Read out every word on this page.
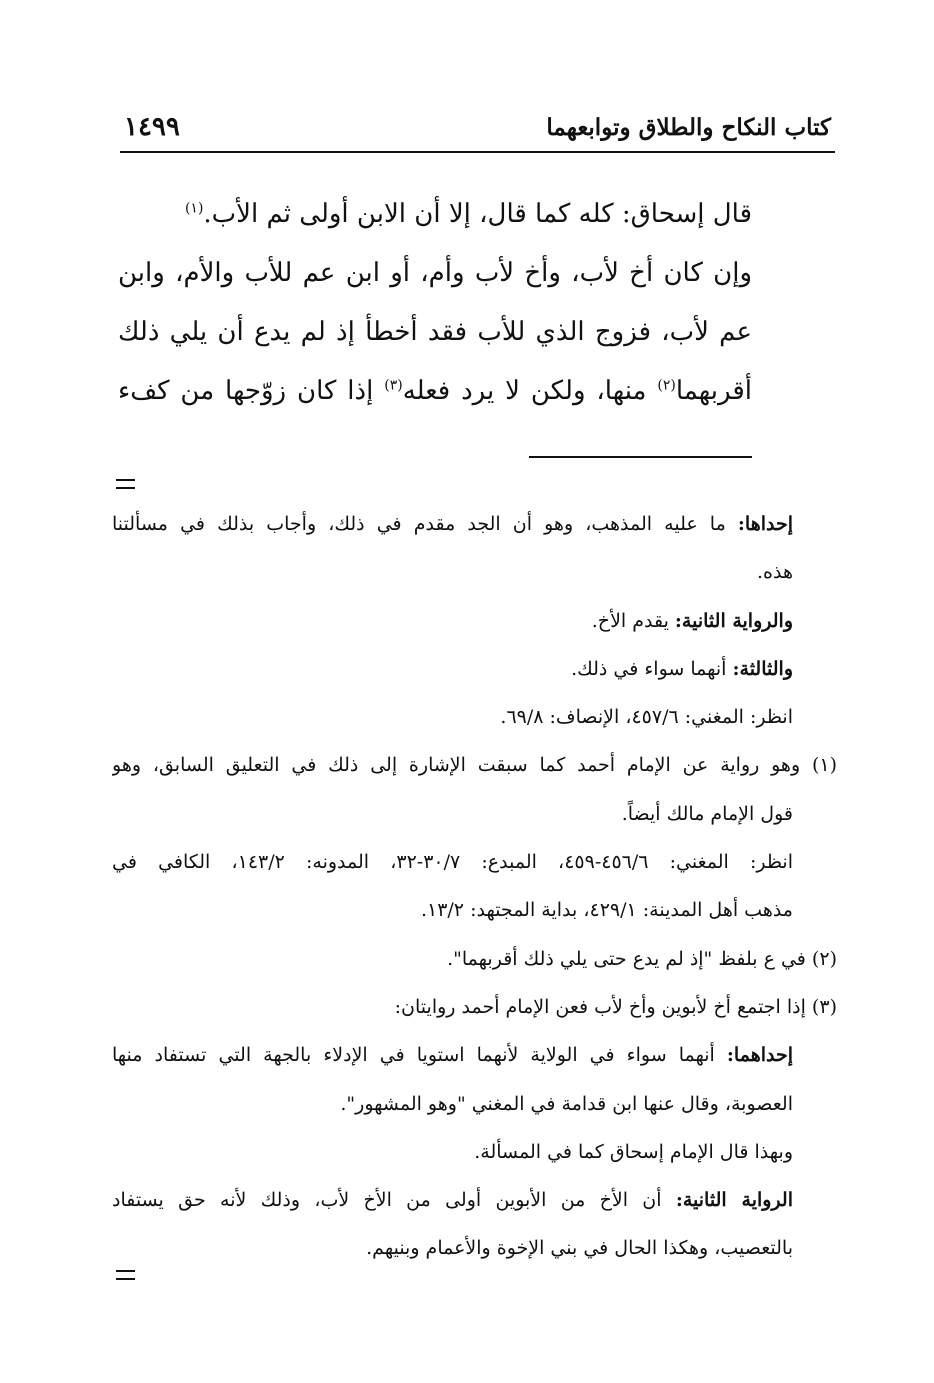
١٤٩٩	كتاب النكاح والطلاق وتوابعهما

قال إسحاق: كله كما قال، إلا أن الابن أولى ثم الأب.$^{(١)}$

وإن كان أخ لأب، وأخ لأب وأم، أو ابن عم للأب والأم، وابن

عم لأب، فزوج الذي للأب فقد أخطأ إذ لم يدع أن يلي ذلك

أقربهما$^{(٢)}$ منها، ولكن لا يرد فعله$^{(٣)}$ إذا كان زوّجها من كفء

إحداها: ما عليه المذهب، وهو أن الجد مقدم في ذلك، وأجاب بذلك في مسألتنا
هذه.
والرواية الثانية: يقدم الأخ.
والثالثة: أنهما سواء في ذلك.
انظر: المغني: ٤٥٧/٦، الإنصاف: ٦٩/٨.
(١) وهو رواية عن الإمام أحمد كما سبقت الإشارة إلى ذلك في التعليق السابق، وهو
قول الإمام مالك أيضاً.
انظر: المغني: ٤٥٦/٦-٤٥٩، المبدع: ٣٠/٧-٣٢، المدونه: ١٤٣/٢، الكافي في
مذهب أهل المدينة: ٤٢٩/١، بداية المجتهد: ١٣/٢.
(٢) في ع بلفظ "إذ لم يدع حتى يلي ذلك أقربهما".
(٣) إذا اجتمع أخ لأبوين وأخ لأب فعن الإمام أحمد روايتان:
إحداهما: أنهما سواء في الولاية لأنهما استويا في الإدلاء بالجهة التي تستفاد منها
العصوبة، وقال عنها ابن قدامة في المغني "وهو المشهور".
وبهذا قال الإمام إسحاق كما في المسألة.
الرواية الثانية: أن الأخ من الأبوين أولى من الأخ لأب، وذلك لأنه حق يستفاد
بالتعصيب، وهكذا الحال في بني الإخوة والأعمام وبنيهم.
